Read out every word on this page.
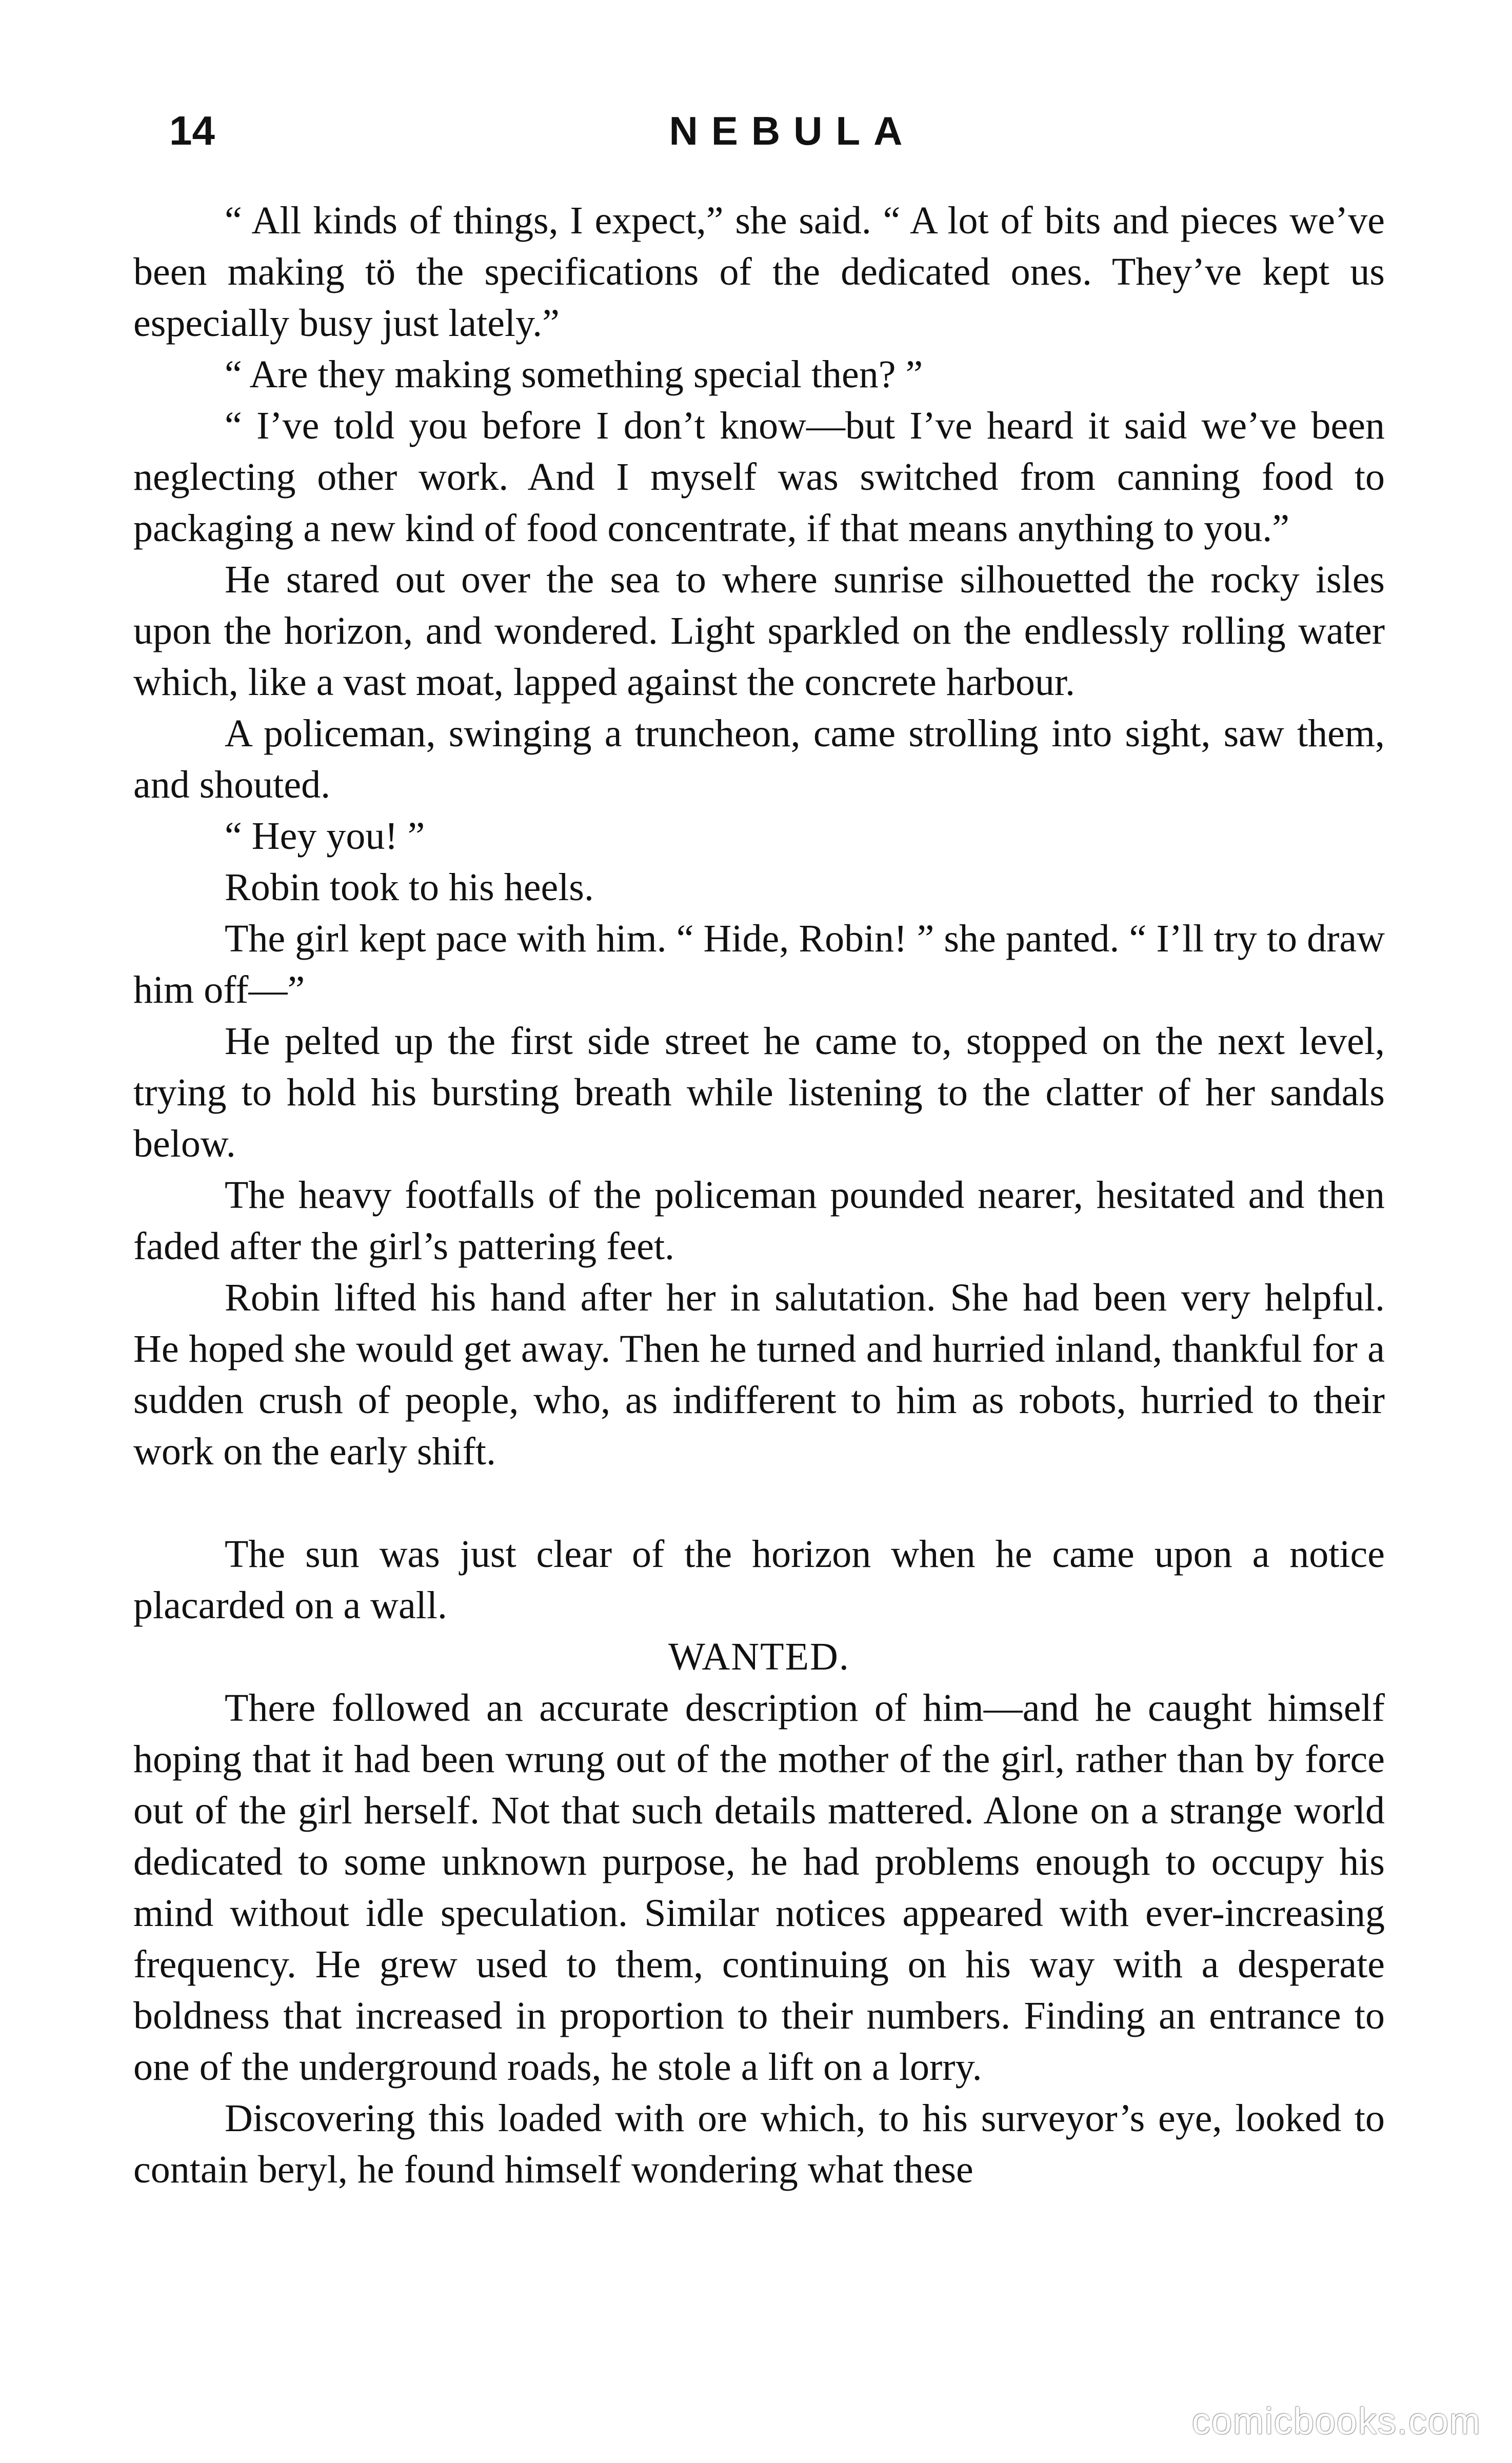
14	NEBULA

“ All kinds of things, I expect,” she said. “ A lot of bits and pieces we’ve been making tö the specifications of the dedicated ones. They’ve kept us especially busy just lately.”

“ Are they making something special then? ”

“ I’ve told you before I don’t know—but I’ve heard it said we’ve been neglecting other work. And I myself was switched from canning food to packaging a new kind of food concentrate, if that means anything to you.”

He stared out over the sea to where sunrise silhouetted the rocky isles upon the horizon, and wondered. Light sparkled on the endlessly rolling water which, like a vast moat, lapped against the concrete harbour.

A policeman, swinging a truncheon, came strolling into sight, saw them, and shouted.

“ Hey you! ”

Robin took to his heels.

The girl kept pace with him. “ Hide, Robin! ” she panted. “ I’ll try to draw him off—”

He pelted up the first side street he came to, stopped on the next level, trying to hold his bursting breath while listening to the clatter of her sandals below.

The heavy footfalls of the policeman pounded nearer, hesitated and then faded after the girl’s pattering feet.

Robin lifted his hand after her in salutation. She had been very helpful. He hoped she would get away. Then he turned and hurried inland, thankful for a sudden crush of people, who, as indifferent to him as robots, hurried to their work on the early shift.

The sun was just clear of the horizon when he came upon a notice placarded on a wall.

WANTED.

There followed an accurate description of him—and he caught himself hoping that it had been wrung out of the mother of the girl, rather than by force out of the girl herself. Not that such details mattered. Alone on a strange world dedicated to some unknown purpose, he had problems enough to occupy his mind without idle speculation. Similar notices appeared with ever-increasing frequency. He grew used to them, continuing on his way with a desperate boldness that increased in proportion to their numbers. Finding an entrance to one of the underground roads, he stole a lift on a lorry.

Discovering this loaded with ore which, to his surveyor’s eye, looked to contain beryl, he found himself wondering what these

comicbooks.com
